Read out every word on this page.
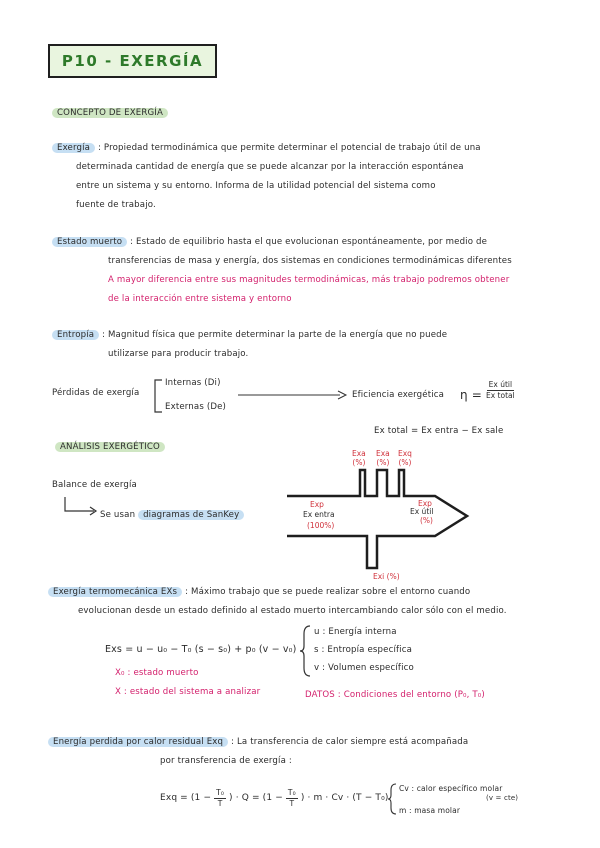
P10 - EXERGÍA
CONCEPTO DE EXERGÍA
Exergía : Propiedad termodinámica que permite determinar el potencial de trabajo útil de una
determinada cantidad de energía que se puede alcanzar por la interacción espontánea
entre un sistema y su entorno. Informa de la utilidad potencial del sistema como
fuente de trabajo.
Estado muerto : Estado de equilibrio hasta el que evolucionan espontáneamente, por medio de
transferencias de masa y energía, dos sistemas en condiciones termodinámicas diferentes
A mayor diferencia entre sus magnitudes termodinámicas, más trabajo podremos obtener
de la interacción entre sistema y entorno
Entropía : Magnitud física que permite determinar la parte de la energía que no puede
utilizarse para producir trabajo.
Pérdidas de exergía
Internas (Di)
Externas (De)
Eficiencia exergética $\eta = \frac{\text{Ex útil}}{\text{Ex total}}$
Ex total = Ex entra − Ex sale
ANÁLISIS EXERGÉTICO
Balance de exergía
Se usan diagramas de SanKey
Exa
(%)
Exa
(%)
Exq
(%)
Exp
Ex entra
(100%)
Exp
Ex útil
(%)
Exi (%)
Exergía termomecánica EXs : Máximo trabajo que se puede realizar sobre el entorno cuando
evolucionan desde un estado definido al estado muerto intercambiando calor sólo con el medio.
Exs = u − u₀ − T₀ (s − s₀) + p₀ (v − v₀)
X₀ : estado muerto
X : estado del sistema a analizar
u : Energía interna
s : Entropía específica
v : Volumen específico
DATOS : Condiciones del entorno (P₀, T₀)
Energía perdida por calor residual Exq : La transferencia de calor siempre está acompañada
por transferencia de exergía :
Exq = ($1 - \frac{\text{T₀}}{T}$ ) · $Q = (1 - \frac{\text{T₀}}{T}$ ) · m · Cv · (T − T₀)
Cv : calor específico molar
(v = cte)
m : masa molar
